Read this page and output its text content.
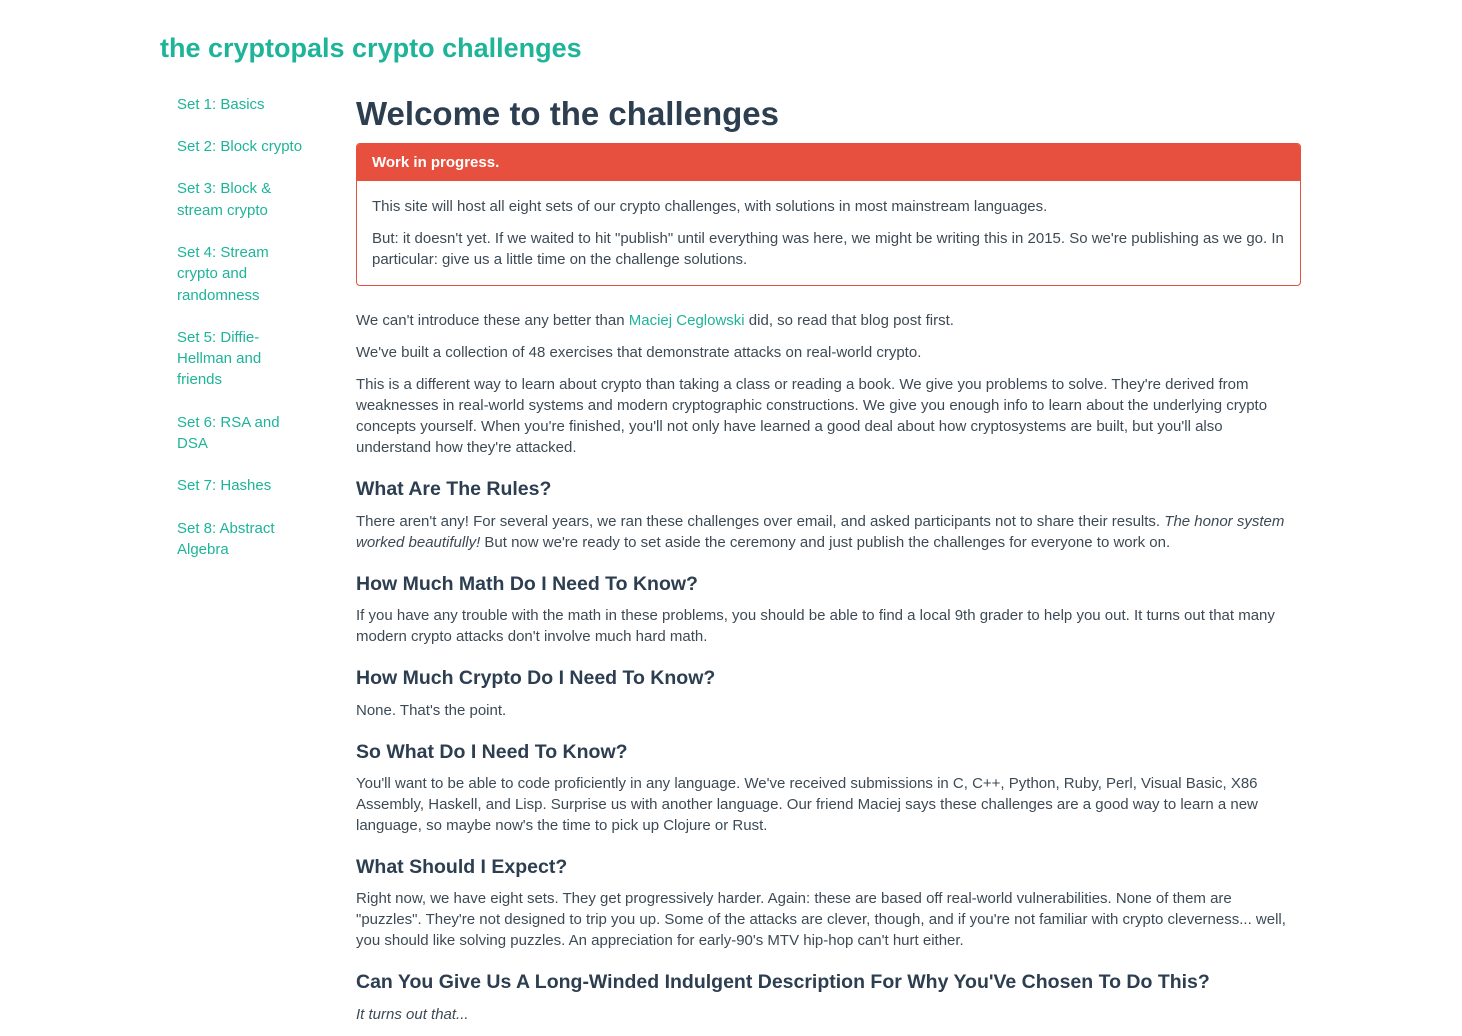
the cryptopals crypto challenges
Set 1: Basics
Set 2: Block crypto
Set 3: Block & stream crypto
Set 4: Stream crypto and randomness
Set 5: Diffie-Hellman and friends
Set 6: RSA and DSA
Set 7: Hashes
Set 8: Abstract Algebra
Welcome to the challenges
Work in progress.

This site will host all eight sets of our crypto challenges, with solutions in most mainstream languages.

But: it doesn't yet. If we waited to hit "publish" until everything was here, we might be writing this in 2015. So we're publishing as we go. In particular: give us a little time on the challenge solutions.

We can't introduce these any better than Maciej Ceglowski did, so read that blog post first.

We've built a collection of 48 exercises that demonstrate attacks on real-world crypto.

This is a different way to learn about crypto than taking a class or reading a book. We give you problems to solve. They're derived from weaknesses in real-world systems and modern cryptographic constructions. We give you enough info to learn about the underlying crypto concepts yourself. When you're finished, you'll not only have learned a good deal about how cryptosystems are built, but you'll also understand how they're attacked.

What Are The Rules?

There aren't any! For several years, we ran these challenges over email, and asked participants not to share their results. The honor system worked beautifully! But now we're ready to set aside the ceremony and just publish the challenges for everyone to work on.

How Much Math Do I Need To Know?

If you have any trouble with the math in these problems, you should be able to find a local 9th grader to help you out. It turns out that many modern crypto attacks don't involve much hard math.

How Much Crypto Do I Need To Know?

None. That's the point.

So What Do I Need To Know?

You'll want to be able to code proficiently in any language. We've received submissions in C, C++, Python, Ruby, Perl, Visual Basic, X86 Assembly, Haskell, and Lisp. Surprise us with another language. Our friend Maciej says these challenges are a good way to learn a new language, so maybe now's the time to pick up Clojure or Rust.

What Should I Expect?

Right now, we have eight sets. They get progressively harder. Again: these are based off real-world vulnerabilities. None of them are "puzzles". They're not designed to trip you up. Some of the attacks are clever, though, and if you're not familiar with crypto cleverness... well, you should like solving puzzles. An appreciation for early-90's MTV hip-hop can't hurt either.

Can You Give Us A Long-Winded Indulgent Description For Why You'Ve Chosen To Do This?

It turns out that...
